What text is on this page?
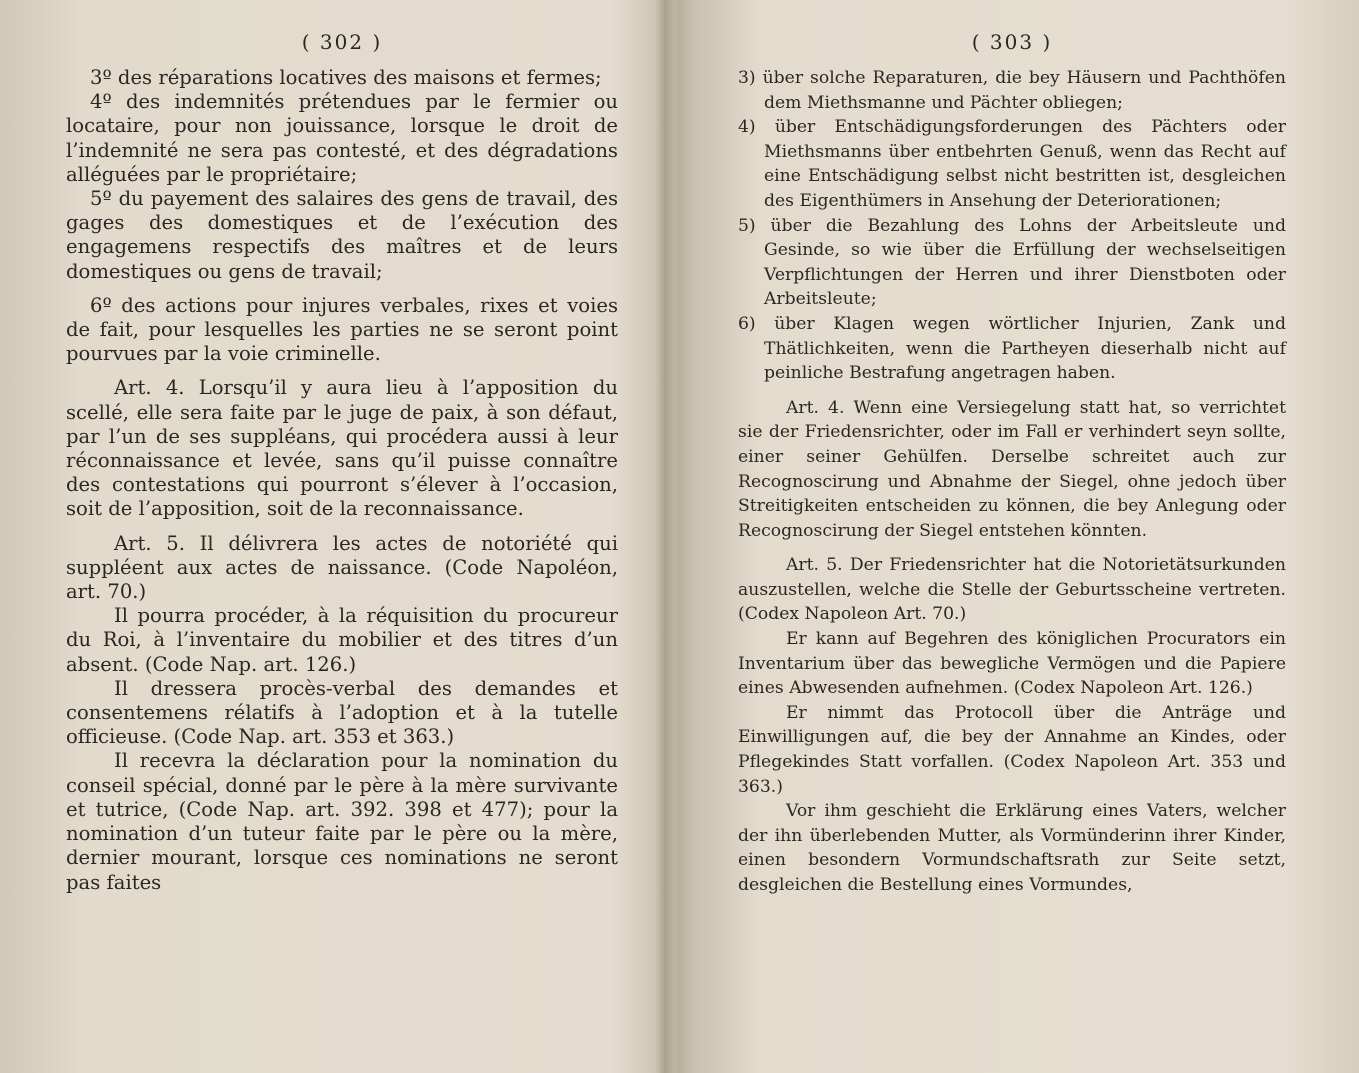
( 302 )

3º des réparations locatives des maisons et fermes;

4º des indemnités prétendues par le fermier ou locataire, pour non jouissance, lorsque le droit de l’indemnité ne sera pas contesté, et des dégradations alléguées par le propriétaire;

5º du payement des salaires des gens de travail, des gages des domestiques et de l’exécution des engagemens respectifs des maîtres et de leurs domestiques ou gens de travail;

6º des actions pour injures verbales, rixes et voies de fait, pour lesquelles les parties ne se seront point pourvues par la voie criminelle.

Art. 4. Lorsqu’il y aura lieu à l’apposition du scellé, elle sera faite par le juge de paix, à son défaut, par l’un de ses suppléans, qui procédera aussi à leur réconnaissance et levée, sans qu’il puisse connaître des contestations qui pourront s’élever à l’occasion, soit de l’apposition, soit de la reconnaissance.

Art. 5. Il délivrera les actes de notoriété qui suppléent aux actes de naissance. (Code Napoléon, art. 70.)

Il pourra procéder, à la réquisition du procureur du Roi, à l’inventaire du mobilier et des titres d’un absent. (Code Nap. art. 126.)

Il dressera procès-verbal des demandes et consentemens rélatifs à l’adoption et à la tutelle officieuse. (Code Nap. art. 353 et 363.)

Il recevra la déclaration pour la nomination du conseil spécial, donné par le père à la mère survivante et tutrice, (Code Nap. art. 392. 398 et 477); pour la nomination d’un tuteur faite par le père ou la mère, dernier mourant, lorsque ces nominations ne seront pas faites

( 303 )

3) über solche Reparaturen, die bey Häusern und Pachthöfen dem Miethsmanne und Pächter obliegen;

4) über Entschädigungsforderungen des Pächters oder Miethsmanns über entbehrten Genuß, wenn das Recht auf eine Entschädigung selbst nicht bestritten ist, desgleichen des Eigenthümers in Ansehung der Deteriorationen;

5) über die Bezahlung des Lohns der Arbeitsleute und Gesinde, so wie über die Erfüllung der wechselseitigen Verpflichtungen der Herren und ihrer Dienstboten oder Arbeitsleute;

6) über Klagen wegen wörtlicher Injurien, Zank und Thätlichkeiten, wenn die Partheyen dieserhalb nicht auf peinliche Bestrafung angetragen haben.

Art. 4. Wenn eine Versiegelung statt hat, so verrichtet sie der Friedensrichter, oder im Fall er verhindert seyn sollte, einer seiner Gehülfen. Derselbe schreitet auch zur Recognoscirung und Abnahme der Siegel, ohne jedoch über Streitigkeiten entscheiden zu können, die bey Anlegung oder Recognoscirung der Siegel entstehen könnten.

Art. 5. Der Friedensrichter hat die Notorietätsurkunden auszustellen, welche die Stelle der Geburtsscheine vertreten. (Codex Napoleon Art. 70.)

Er kann auf Begehren des königlichen Procurators ein Inventarium über das bewegliche Vermögen und die Papiere eines Abwesenden aufnehmen. (Codex Napoleon Art. 126.)

Er nimmt das Protocoll über die Anträge und Einwilligungen auf, die bey der Annahme an Kindes, oder Pflegekindes Statt vorfallen. (Codex Napoleon Art. 353 und 363.)

Vor ihm geschieht die Erklärung eines Vaters, welcher der ihn überlebenden Mutter, als Vormünderinn ihrer Kinder, einen besondern Vormundschaftsrath zur Seite setzt, desgleichen die Bestellung eines Vormundes,
